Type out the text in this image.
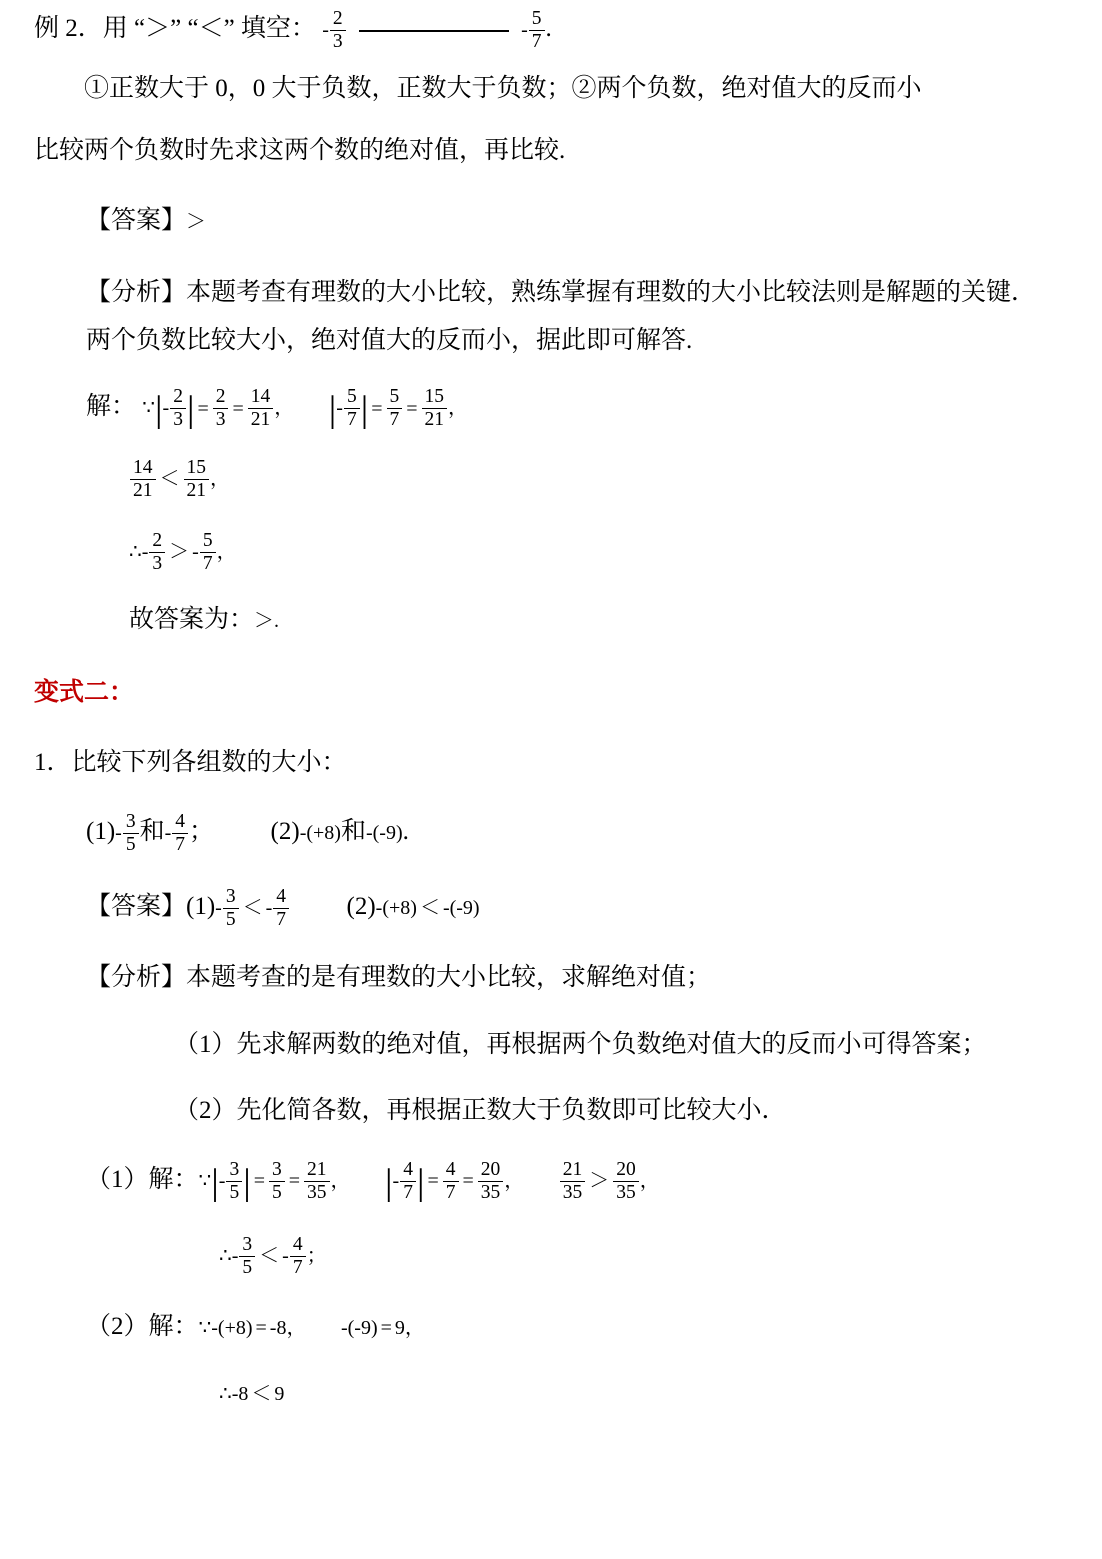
例 2．用 “＞” “＜” 填空： - $\frac{2}{3}$	- $\frac{5}{7}$ .
①正数大于 0，0 大于负数，正数大于负数；②两个负数，绝对值大的反而小
比较两个负数时先求这两个数的绝对值，再比较.
【答案】＞
【分析】本题考查有理数的大小比较，熟练掌握有理数的大小比较法则是解题的关键．两个负数比较大小，绝对值大的反而小，据此即可解答.
解： ∵|- $\frac{2}{3}$ | = $\frac{2}{3} = \frac{14}{21}$ ， |- $\frac{5}{7}$ | = $\frac{5}{7} = \frac{15}{21}$ ，
$\frac{14}{21} < \frac{15}{21}$ ，
∴- $\frac{2}{3}$ ＞ - $\frac{5}{7}$ ，
故答案为：＞.
变式二：
1．比较下列各组数的大小：
$(1)- \frac{3}{5}$ 和- $\frac{4}{7}$ ； (2)-(+8)和-(-9).
【答案】$(1)- \frac{3}{5}$ ＜ - $\frac{4}{7} (2)-(+8) < -(-9)$
【分析】本题考查的是有理数的大小比较，求解绝对值；
（1）先求解两数的绝对值，再根据两个负数绝对值大的反而小可得答案；
（2）先化简各数，再根据正数大于负数即可比较大小．
（1）解：∵|- $\frac{3}{5}$ | = $\frac{3}{5} = \frac{21}{35}$ ， |- $\frac{4}{7}$ | = $\frac{4}{7} = \frac{20}{35}$ ， $\frac{21}{35} > \frac{20}{35}$ ，
∴- $\frac{3}{5}$ ＜ - $\frac{4}{7}$ ；
（2）解：∵-(+8) = -8， -(-9) = 9，
∴-8 ＜ 9
